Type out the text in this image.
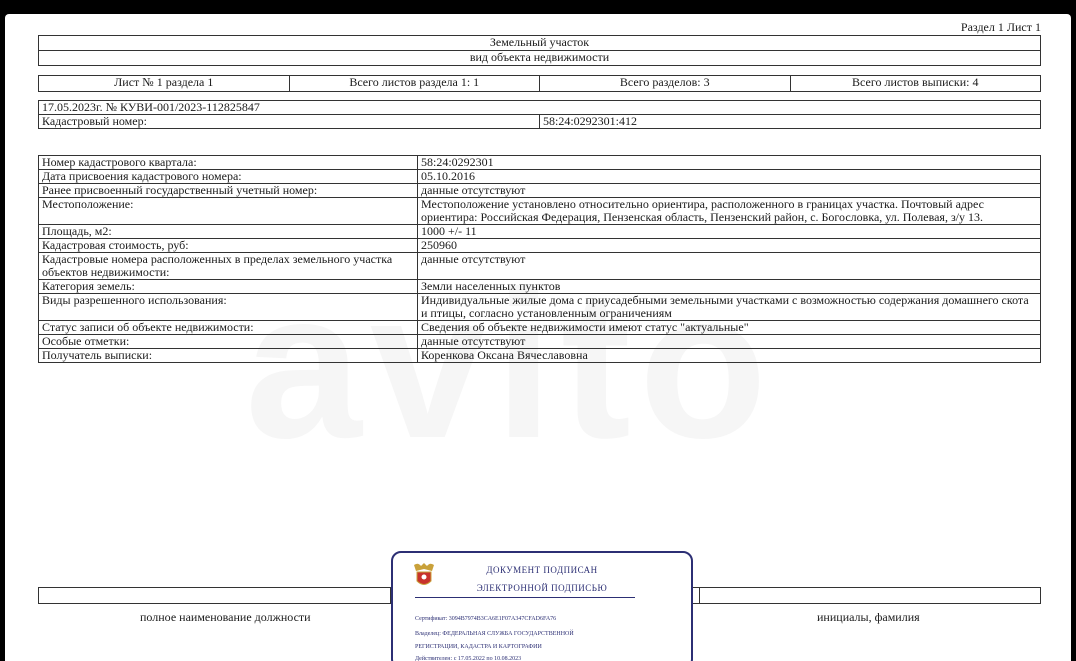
Раздел 1 Лист 1
Земельный участок
вид объекта недвижимости
Лист № 1 раздела 1	Всего листов раздела 1: 1	Всего разделов: 3	Всего листов выписки: 4
17.05.2023г. № КУВИ-001/2023-112825847
Кадастровый номер:	58:24:0292301:412
Номер кадастрового квартала:	58:24:0292301
Дата присвоения кадастрового номера:	05.10.2016
Ранее присвоенный государственный учетный номер:	данные отсутствуют
Местоположение:	Местоположение установлено относительно ориентира, расположенного в границах участка. Почтовый адрес ориентира: Российская Федерация, Пензенская область, Пензенский район, с. Богословка, ул. Полевая, з/у 13.
Площадь, м2:	1000 +/- 11
Кадастровая стоимость, руб:	250960
Кадастровые номера расположенных в пределах земельного участка объектов недвижимости:	данные отсутствуют
Категория земель:	Земли населенных пунктов
Виды разрешенного использования:	Индивидуальные жилые дома с приусадебными земельными участками с возможностью содержания домашнего скота и птицы, согласно установленным ограничениям
Статус записи об объекте недвижимости:	Сведения об объекте недвижимости имеют статус "актуальные"
Особые отметки:	данные отсутствуют
Получатель выписки:	Коренкова Оксана Вячеславовна

полное наименование должности	инициалы, фамилия
ДОКУМЕНТ ПОДПИСАН
ЭЛЕКТРОННОЙ ПОДПИСЬЮ
Сертификат: 3094B7974B3CA6E1F07A347CFAD6FA76
Владелец: ФЕДЕРАЛЬНАЯ СЛУЖБА ГОСУДАРСТВЕННОЙ
РЕГИСТРАЦИИ, КАДАСТРА И КАРТОГРАФИИ
Действителен: с 17.05.2022 по 10.08.2023
